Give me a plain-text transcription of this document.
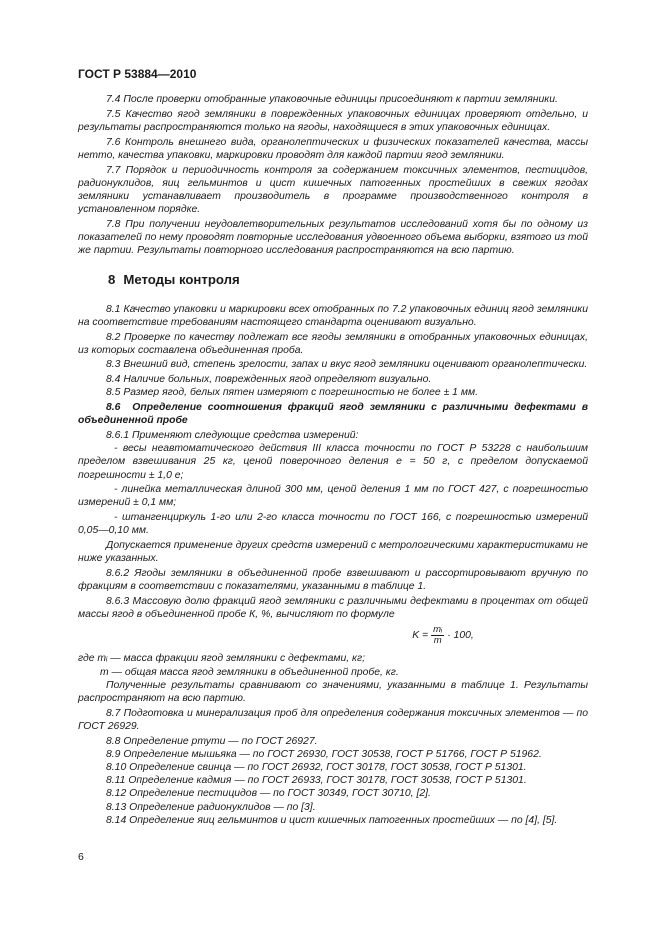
ГОСТ Р 53884—2010

7.4 После проверки отобранные упаковочные единицы присоединяют к партии земляники.

7.5 Качество ягод земляники в поврежденных упаковочных единицах проверяют отдельно, и результаты распространяются только на ягоды, находящиеся в этих упаковочных единицах.

7.6 Контроль внешнего вида, органолептических и физических показателей качества, массы нетто, качества упаковки, маркировки проводят для каждой партии ягод земляники.

7.7 Порядок и периодичность контроля за содержанием токсичных элементов, пестицидов, радионуклидов, яиц гельминтов и цист кишечных патогенных простейших в свежих ягодах земляники устанавливает производитель в программе производственного контроля в установленном порядке.

7.8 При получении неудовлетворительных результатов исследований хотя бы по одному из показателей по нему проводят повторные исследования удвоенного объема выборки, взятого из той же партии. Результаты повторного исследования распространяются на всю партию.

8 Методы контроля

8.1 Качество упаковки и маркировки всех отобранных по 7.2 упаковочных единиц ягод земляники на соответствие требованиям настоящего стандарта оценивают визуально.

8.2 Проверке по качеству подлежат все ягоды земляники в отобранных упаковочных единицах, из которых составлена объединенная проба.

8.3 Внешний вид, степень зрелости, запах и вкус ягод земляники оценивают органолептически.

8.4 Наличие больных, поврежденных ягод определяют визуально.

8.5 Размер ягод, белых пятен измеряют с погрешностью не более ± 1 мм.

8.6 Определение соотношения фракций ягод земляники с различными дефектами в объединенной пробе

8.6.1 Применяют следующие средства измерений:

- весы неавтоматического действия III класса точности по ГОСТ Р 53228 с наибольшим пределом взвешивания 25 кг, ценой поверочного деления е = 50 г, с пределом допускаемой погрешности ± 1,0 е;

- линейка металлическая длиной 300 мм, ценой деления 1 мм по ГОСТ 427, с погрешностью измерений ± 0,1 мм;

- штангенциркуль 1-го или 2-го класса точности по ГОСТ 166, с погрешностью измерений 0,05—0,10 мм.

Допускается применение других средств измерений с метрологическими характеристиками не ниже указанных.

8.6.2 Ягоды земляники в объединенной пробе взвешивают и рассортировывают вручную по фракциям в соответствии с показателями, указанными в таблице 1.

8.6.3 Массовую долю фракций ягод земляники с различными дефектами в процентах от общей массы ягод в объединенной пробе К, %, вычисляют по формуле

$K = \frac{\text{mᵢ}}{m} \cdot 100$,

где mᵢ — масса фракции ягод земляники с дефектами, кг;

m — общая масса ягод земляники в объединенной пробе, кг.

Полученные результаты сравнивают со значениями, указанными в таблице 1. Результаты распространяют на всю партию.

8.7 Подготовка и минерализация проб для определения содержания токсичных элементов — по ГОСТ 26929.

8.8 Определение ртути — по ГОСТ 26927.

8.9 Определение мышьяка — по ГОСТ 26930, ГОСТ 30538, ГОСТ Р 51766, ГОСТ Р 51962.

8.10 Определение свинца — по ГОСТ 26932, ГОСТ 30178, ГОСТ 30538, ГОСТ Р 51301.

8.11 Определение кадмия — по ГОСТ 26933, ГОСТ 30178, ГОСТ 30538, ГОСТ Р 51301.

8.12 Определение пестицидов — по ГОСТ 30349, ГОСТ 30710, [2].

8.13 Определение радионуклидов — по [3].

8.14 Определение яиц гельминтов и цист кишечных патогенных простейших — по [4], [5].

6
